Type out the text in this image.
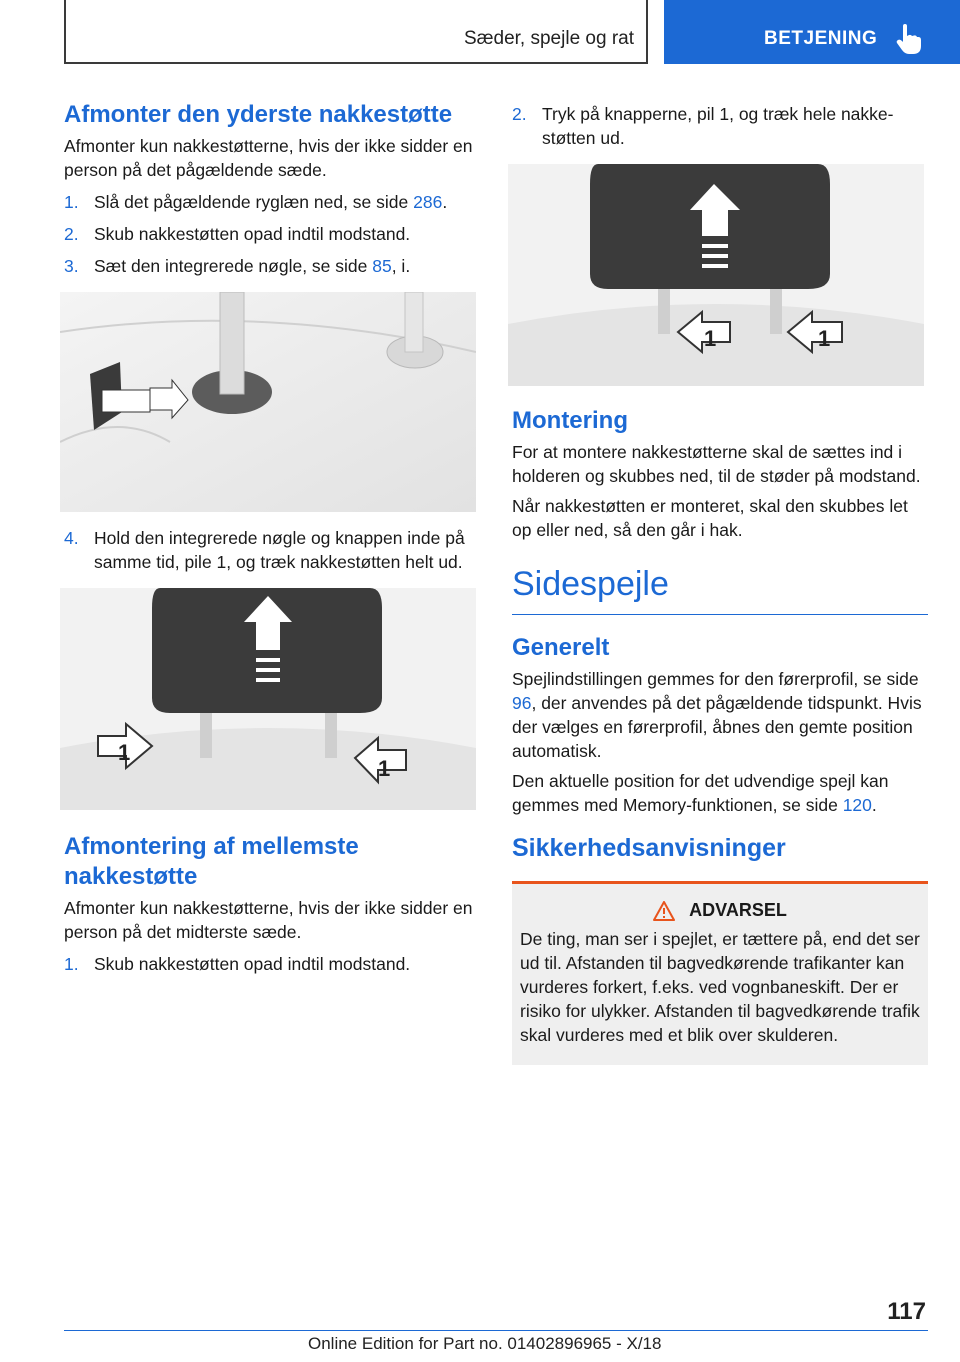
Sæder, spejle og rat	BETJENING
Afmonter den yderste nakkestøtte

Afmonter kun nakkestøtterne, hvis der ikke sidder en person på det pågældende sæde.

1. Slå det pågældende ryglæn ned, se side 286.
2. Skub nakkestøtten opad indtil modstand.
3. Sæt den integrerede nøgle, se side 85, i.
4. Hold den integrerede nøgle og knappen inde på samme tid, pile 1, og træk nakkestøtten helt ud.
1
1
Afmontering af mellemste nakkestøtte

Afmonter kun nakkestøtterne, hvis der ikke sidder en person på det midterste sæde.

1. Skub nakkestøtten opad indtil modstand.
2. Tryk på knapperne, pil 1, og træk hele nakkestøtten ud.
1	1
Montering

For at montere nakkestøtterne skal de sættes ind i holderen og skubbes ned, til de støder på modstand.

Når nakkestøtten er monteret, skal den skubbes let op eller ned, så den går i hak.

Sidespejle
Generelt

Spejlindstillingen gemmes for den førerprofil, se side 96, der anvendes på det pågældende tidspunkt. Hvis der vælges en førerprofil, åbnes den gemte position automatisk.

Den aktuelle position for det udvendige spejl kan gemmes med Memory-funktionen, se side 120.

Sikkerhedsanvisninger
ADVARSEL

De ting, man ser i spejlet, er tættere på, end det ser ud til. Afstanden til bagvedkørende trafikanter kan vurderes forkert, f.eks. ved vognbaneskift. Der er risiko for ulykker. Afstanden til bagvedkørende trafik skal vurderes med et blik over skulderen.

117
Online Edition for Part no. 01402896965 - X/18
